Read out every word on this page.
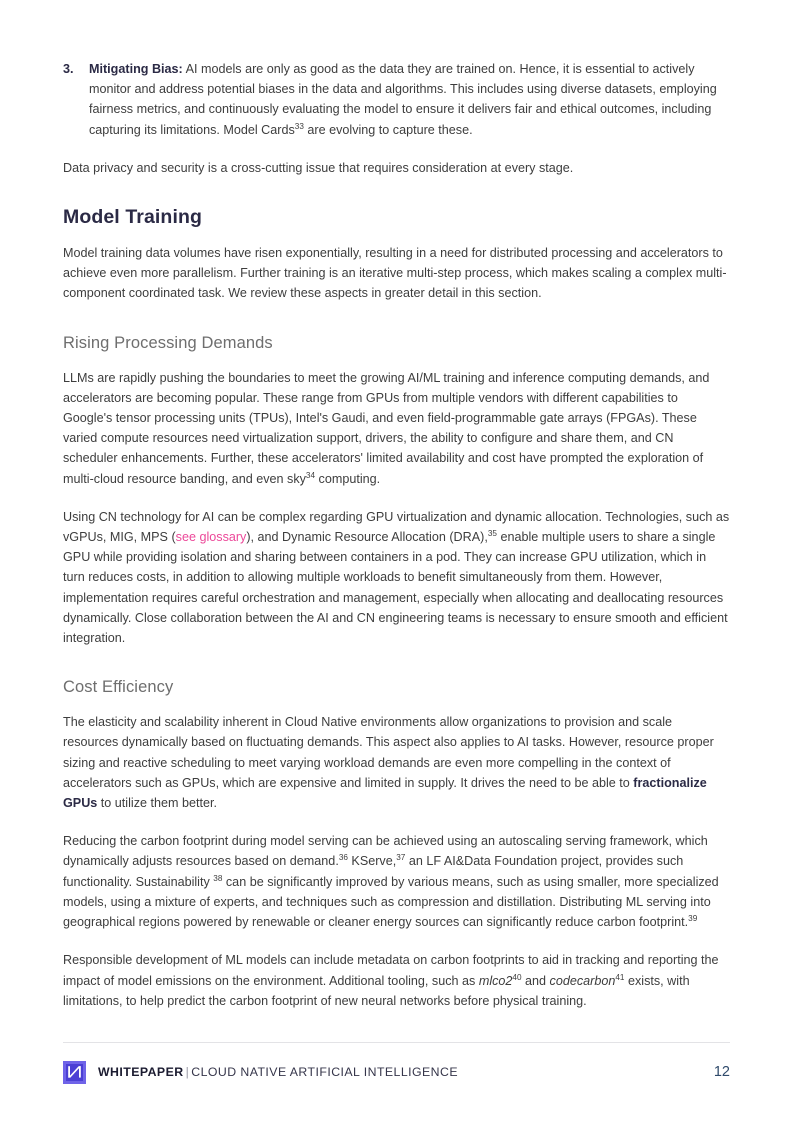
3. Mitigating Bias: AI models are only as good as the data they are trained on. Hence, it is essential to actively monitor and address potential biases in the data and algorithms. This includes using diverse datasets, employing fairness metrics, and continuously evaluating the model to ensure it delivers fair and ethical outcomes, including capturing its limitations. Model Cards$^{33}$ are evolving to capture these.

Data privacy and security is a cross-cutting issue that requires consideration at every stage.

Model Training

Model training data volumes have risen exponentially, resulting in a need for distributed processing and accelerators to achieve even more parallelism. Further training is an iterative multi-step process, which makes scaling a complex multi-component coordinated task. We review these aspects in greater detail in this section.

Rising Processing Demands

LLMs are rapidly pushing the boundaries to meet the growing AI/ML training and inference computing demands, and accelerators are becoming popular. These range from GPUs from multiple vendors with different capabilities to Google's tensor processing units (TPUs), Intel's Gaudi, and even field-programmable gate arrays (FPGAs). These varied compute resources need virtualization support, drivers, the ability to configure and share them, and CN scheduler enhancements. Further, these accelerators' limited availability and cost have prompted the exploration of multi-cloud resource banding, and even sky$^{34}$ computing.

Using CN technology for AI can be complex regarding GPU virtualization and dynamic allocation. Technologies, such as vGPUs, MIG, MPS (see glossary), and Dynamic Resource Allocation (DRA),$^{35}$ enable multiple users to share a single GPU while providing isolation and sharing between containers in a pod. They can increase GPU utilization, which in turn reduces costs, in addition to allowing multiple workloads to benefit simultaneously from them. However, implementation requires careful orchestration and management, especially when allocating and deallocating resources dynamically. Close collaboration between the AI and CN engineering teams is necessary to ensure smooth and efficient integration.

Cost Efficiency

The elasticity and scalability inherent in Cloud Native environments allow organizations to provision and scale resources dynamically based on fluctuating demands. This aspect also applies to AI tasks. However, resource proper sizing and reactive scheduling to meet varying workload demands are even more compelling in the context of accelerators such as GPUs, which are expensive and limited in supply. It drives the need to be able to fractionalize GPUs to utilize them better.

Reducing the carbon footprint during model serving can be achieved using an autoscaling serving framework, which dynamically adjusts resources based on demand.$^{36}$ KServe,$^{37}$ an LF AI&Data Foundation project, provides such functionality. Sustainability $^{38}$ can be significantly improved by various means, such as using smaller, more specialized models, using a mixture of experts, and techniques such as compression and distillation. Distributing ML serving into geographical regions powered by renewable or cleaner energy sources can significantly reduce carbon footprint.$^{39}$

Responsible development of ML models can include metadata on carbon footprints to aid in tracking and reporting the impact of model emissions on the environment. Additional tooling, such as $mlco2^{40}$ and codecarbon$^{41}$ exists, with limitations, to help predict the carbon footprint of new neural networks before physical training.

WHITEPAPER | CLOUD NATIVE ARTIFICIAL INTELLIGENCE	12
